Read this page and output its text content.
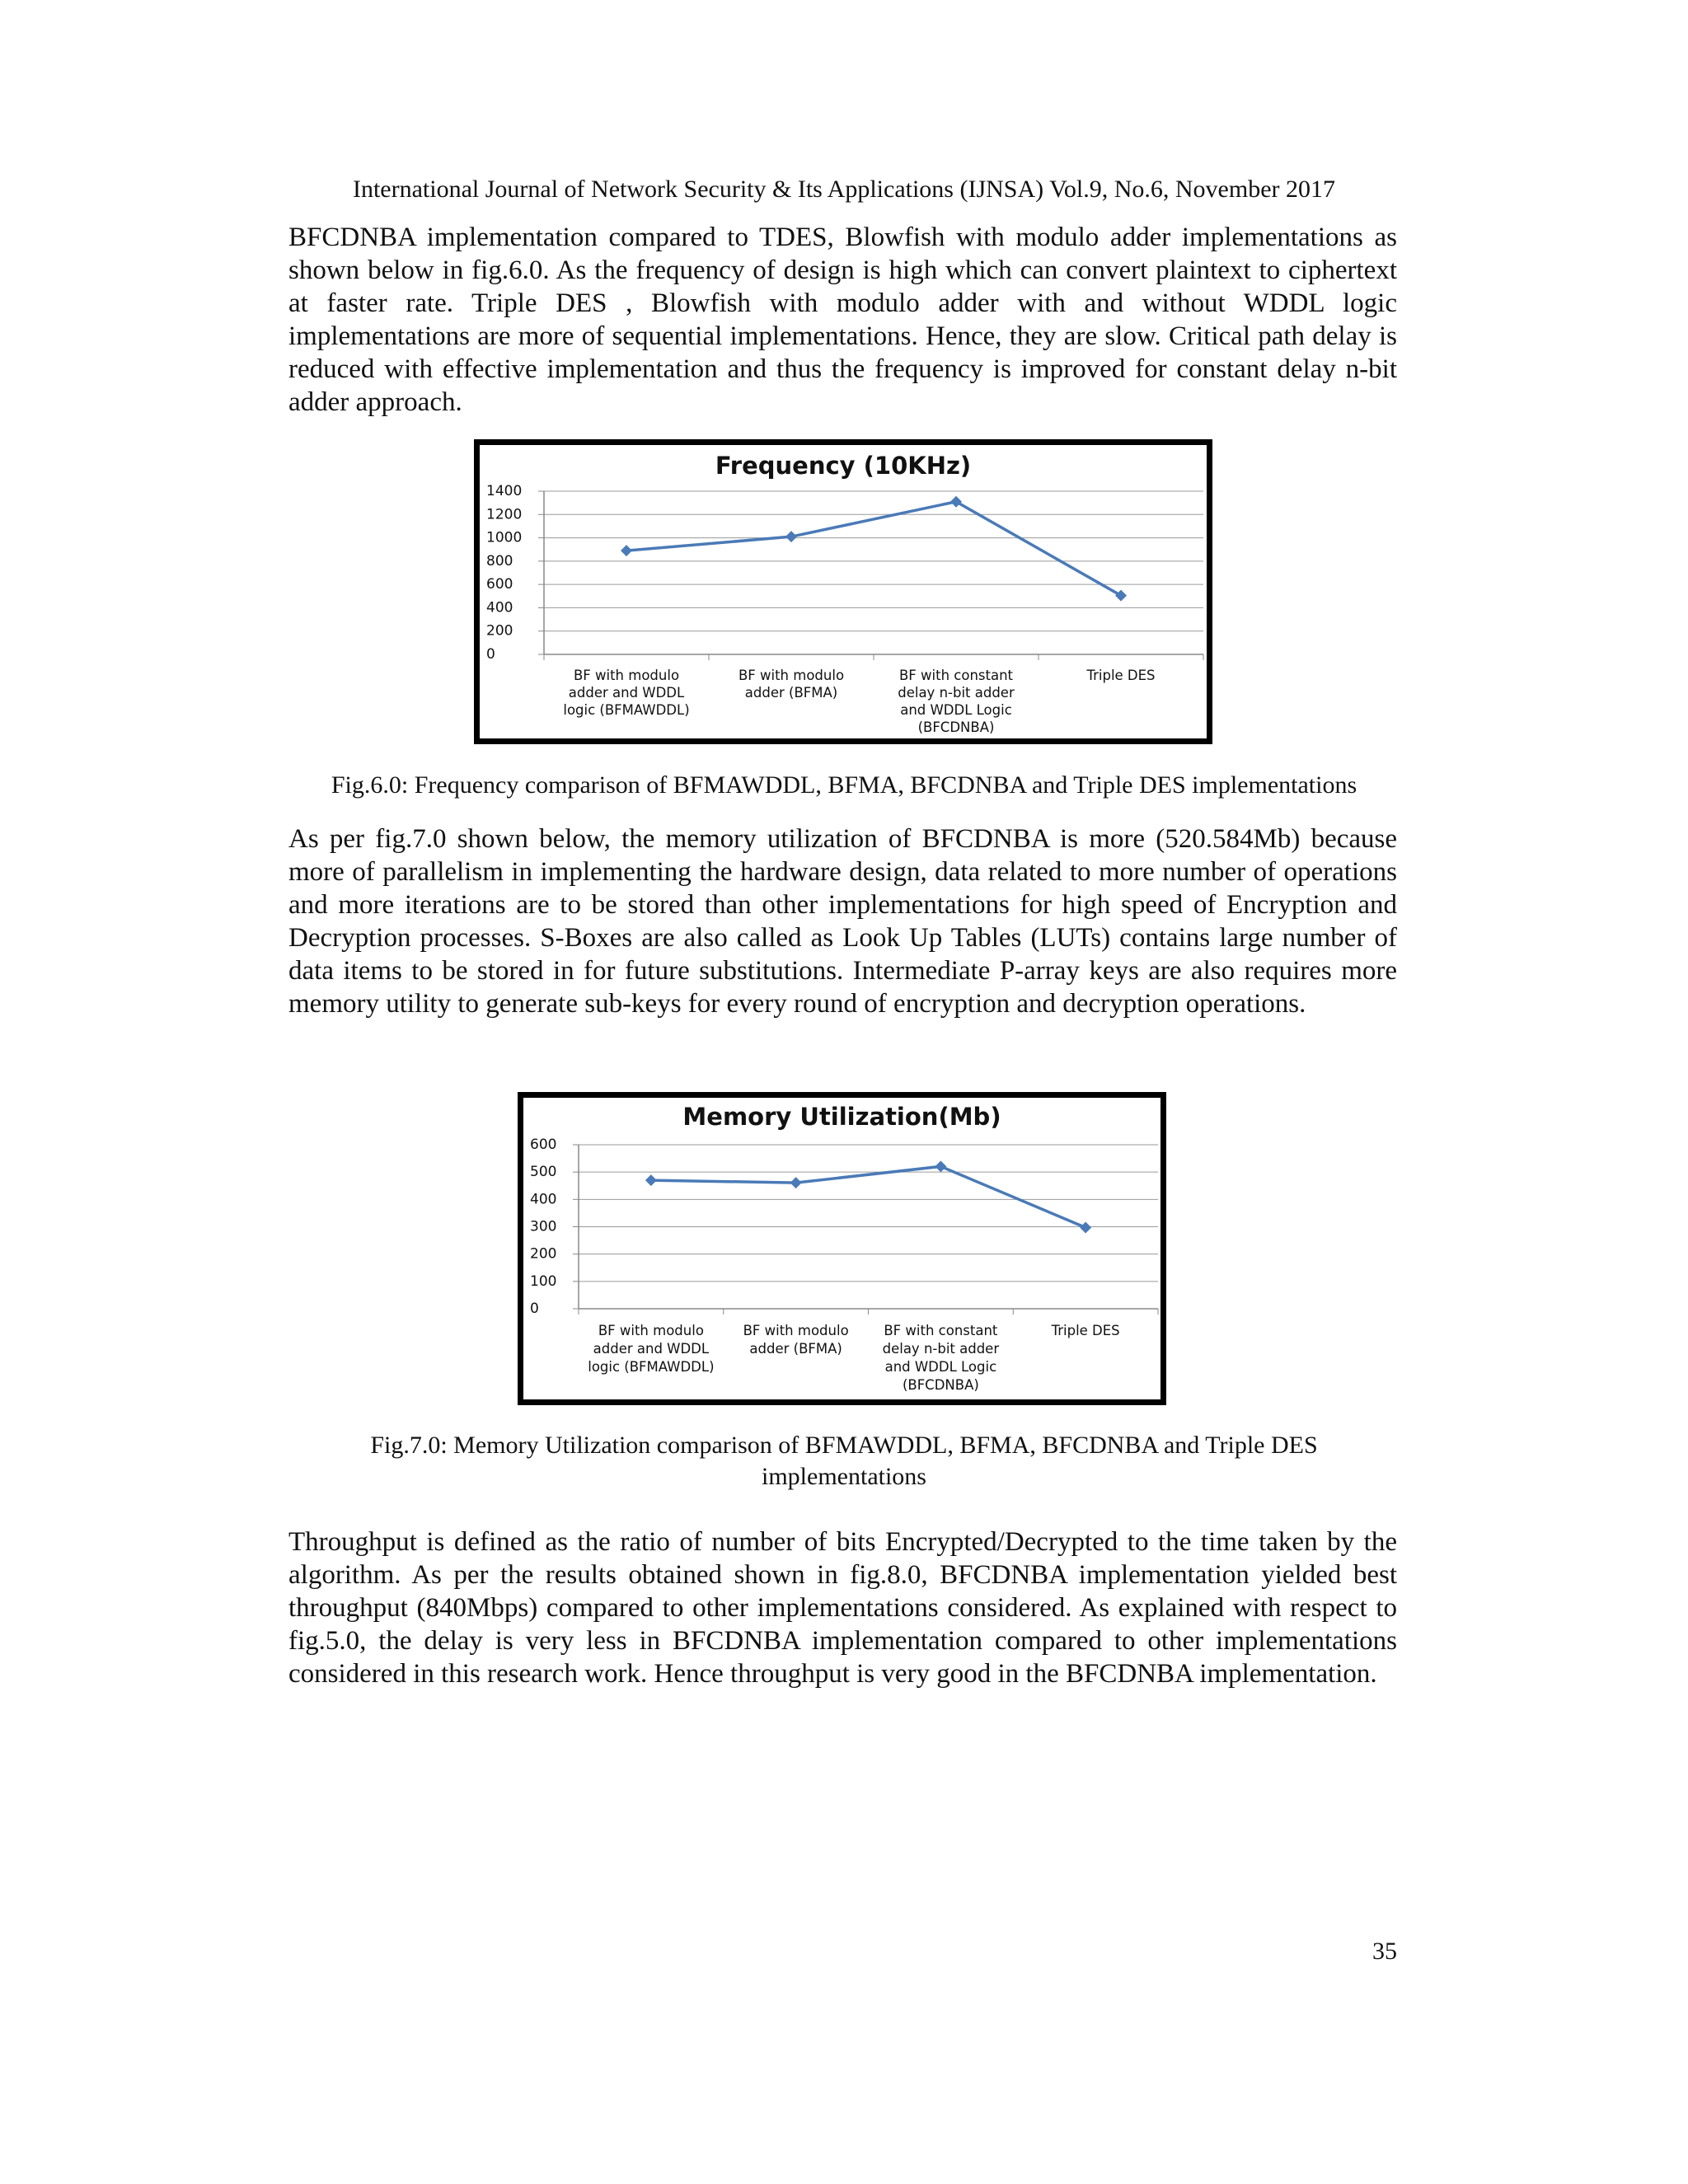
International Journal of Network Security & Its Applications (IJNSA) Vol.9, No.6, November 2017

BFCDNBA implementation compared to TDES, Blowfish with modulo adder implementations as shown below in fig.6.0. As the frequency of design is high which can convert plaintext to ciphertext at faster rate. Triple DES , Blowfish with modulo adder with and without WDDL logic implementations are more of sequential implementations. Hence, they are slow. Critical path delay is reduced with effective implementation and thus the frequency is improved for constant delay n-bit adder approach.

Frequency (10KHz)
0
200
400
600
800
1000
1200
1400
BF with modulo adder and WDDL logic (BFMAWDDL)
BF with modulo adder (BFMA)
BF with constant delay n-bit adder and WDDL Logic (BFCDNBA)
Triple DES

Fig.6.0: Frequency comparison of BFMAWDDL, BFMA, BFCDNBA and Triple DES implementations

As per fig.7.0 shown below, the memory utilization of BFCDNBA is more (520.584Mb) because more of parallelism in implementing the hardware design, data related to more number of operations and more iterations are to be stored than other implementations for high speed of Encryption and Decryption processes. S-Boxes are also called as Look Up Tables (LUTs) contains large number of data items to be stored in for future substitutions. Intermediate P-array keys are also requires more memory utility to generate sub-keys for every round of encryption and decryption operations.

Memory Utilization(Mb)
0
100
200
300
400
500
600
BF with modulo adder and WDDL logic (BFMAWDDL)
BF with modulo adder (BFMA)
BF with constant delay n-bit adder and WDDL Logic (BFCDNBA)
Triple DES
Fig.7.0: Memory Utilization comparison of BFMAWDDL, BFMA, BFCDNBA and Triple DES
implementations

Throughput is defined as the ratio of number of bits Encrypted/Decrypted to the time taken by the algorithm. As per the results obtained shown in fig.8.0, BFCDNBA implementation yielded best throughput (840Mbps) compared to other implementations considered. As explained with respect to fig.5.0, the delay is very less in BFCDNBA implementation compared to other implementations considered in this research work. Hence throughput is very good in the BFCDNBA implementation.

35
